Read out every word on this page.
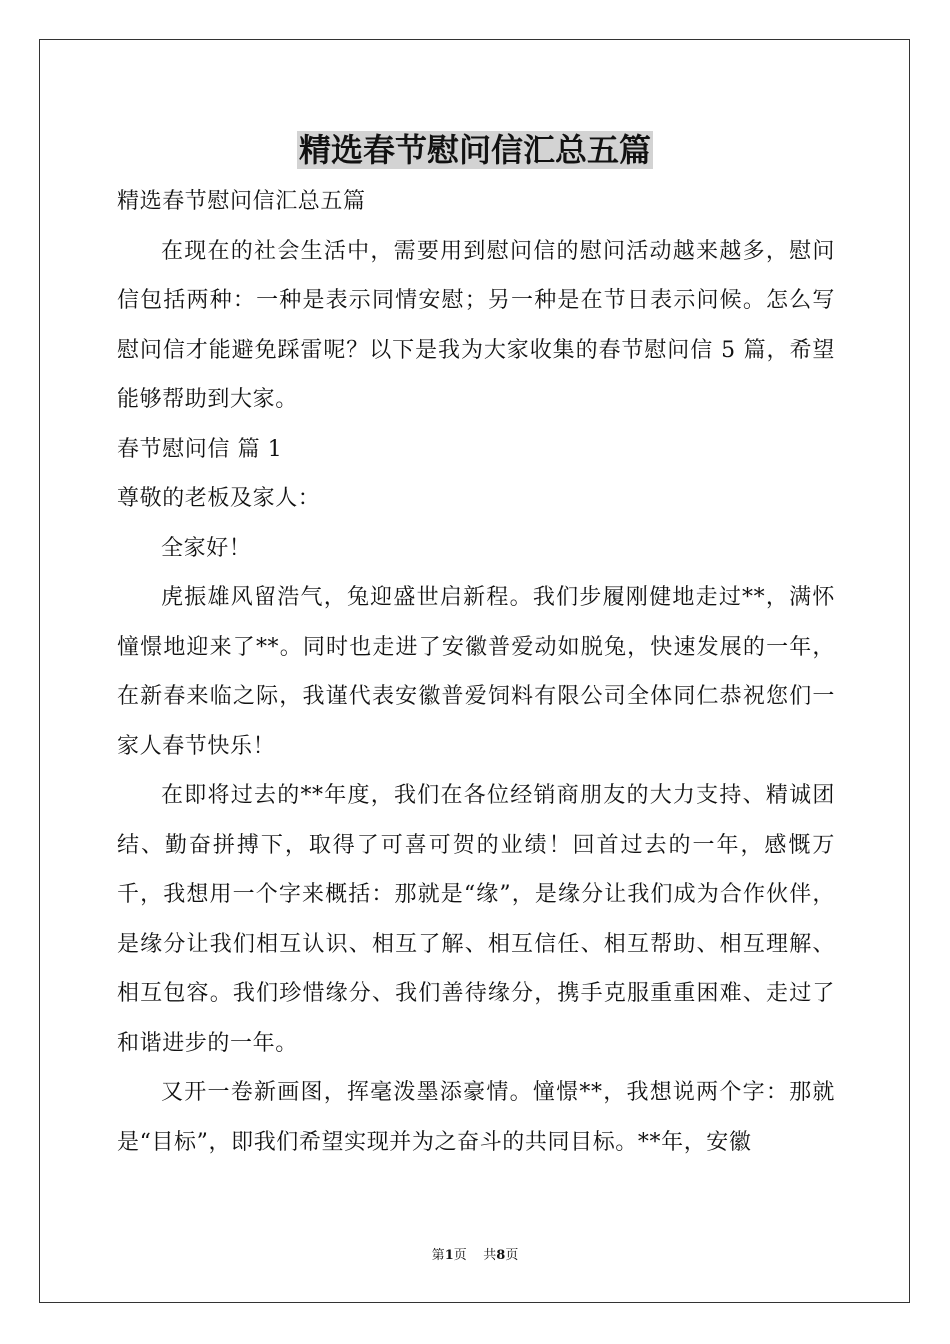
精选春节慰问信汇总五篇

精选春节慰问信汇总五篇

在现在的社会生活中，需要用到慰问信的慰问活动越来越多，慰问信包括两种：一种是表示同情安慰；另一种是在节日表示问候。怎么写慰问信才能避免踩雷呢？以下是我为大家收集的春节慰问信 5 篇，希望能够帮助到大家。

春节慰问信 篇 1

尊敬的老板及家人：

全家好！

虎振雄风留浩气，兔迎盛世启新程。我们步履刚健地走过**，满怀憧憬地迎来了**。同时也走进了安徽普爱动如脱兔，快速发展的一年，在新春来临之际，我谨代表安徽普爱饲料有限公司全体同仁恭祝您们一家人春节快乐！

在即将过去的**年度，我们在各位经销商朋友的大力支持、精诚团结、勤奋拼搏下，取得了可喜可贺的业绩！回首过去的一年，感慨万千，我想用一个字来概括：那就是“缘”，是缘分让我们成为合作伙伴，是缘分让我们相互认识、相互了解、相互信任、相互帮助、相互理解、相互包容。我们珍惜缘分、我们善待缘分，携手克服重重困难、走过了和谐进步的一年。

又开一卷新画图，挥毫泼墨添豪情。憧憬**，我想说两个字：那就是“目标”，即我们希望实现并为之奋斗的共同目标。**年，安徽

第1页    共8页
